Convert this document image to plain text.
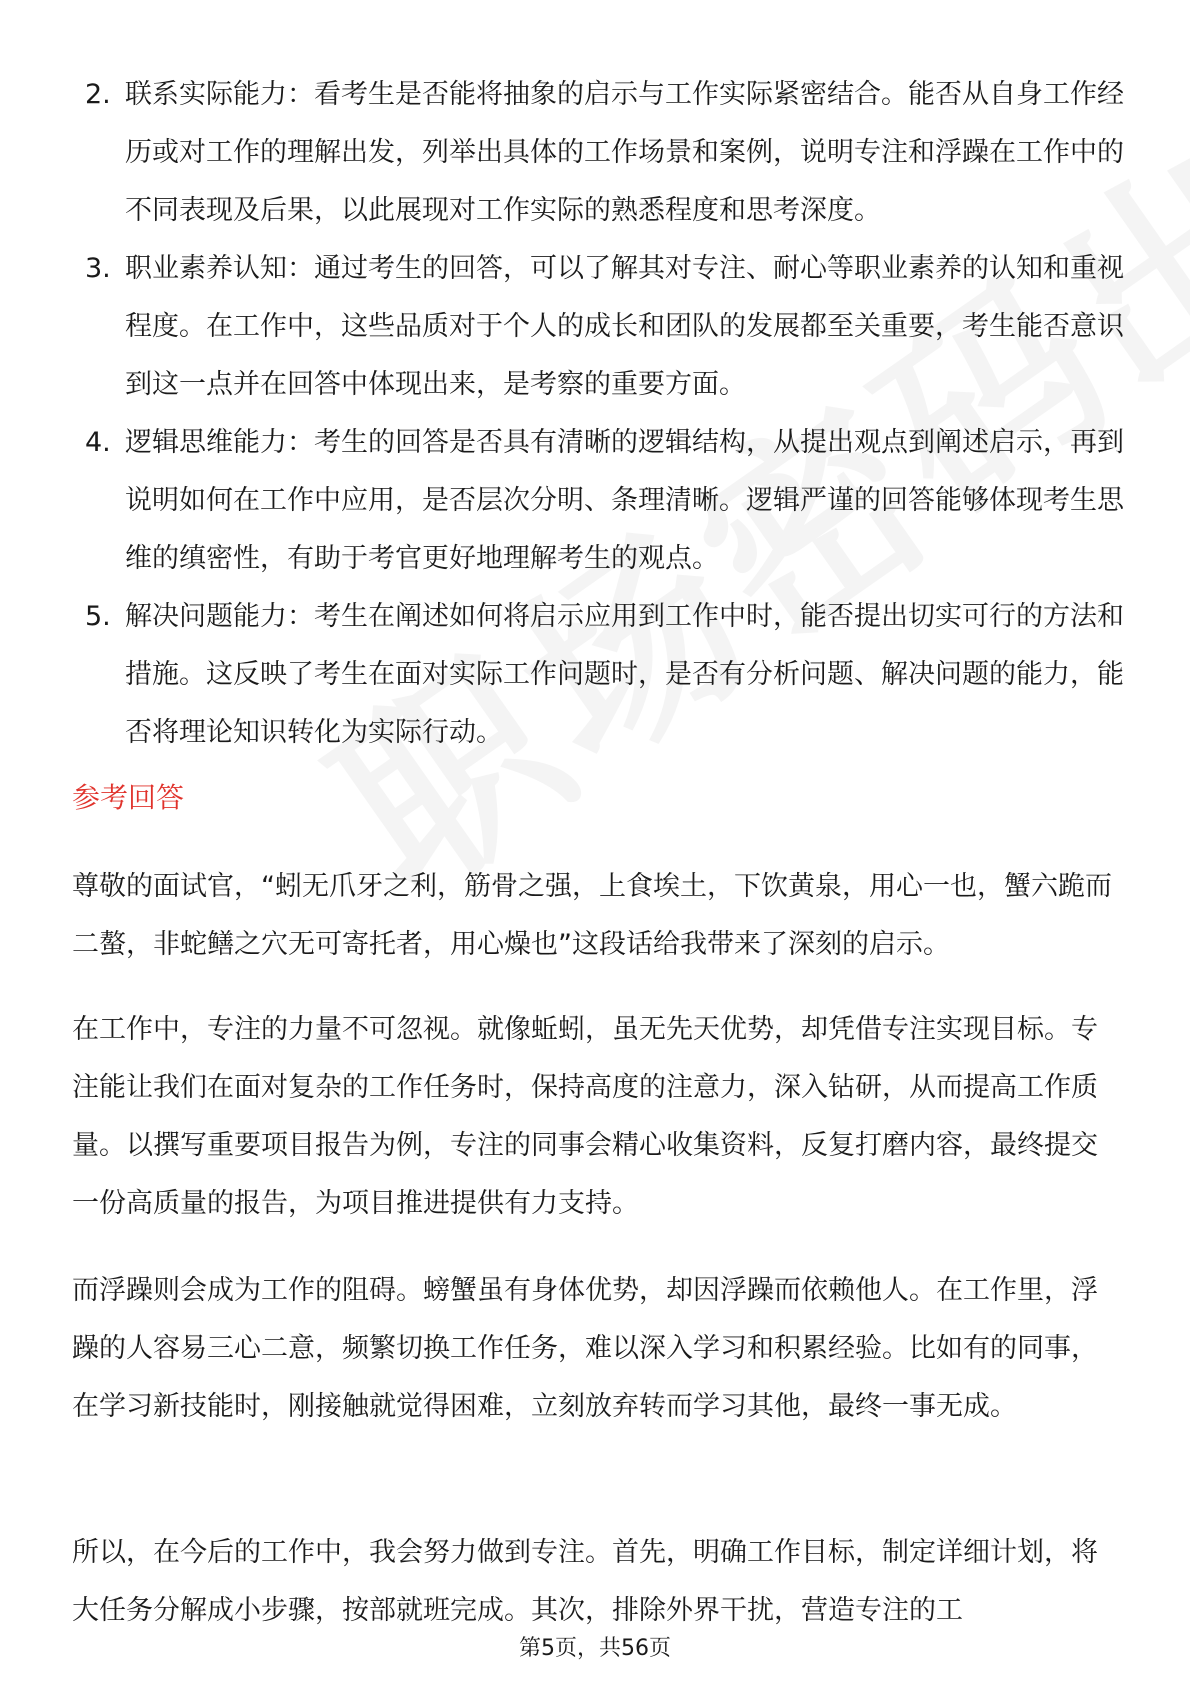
2. 联系实际能力：看考生是否能将抽象的启示与工作实际紧密结合。能否从自身工作经历或对工作的理解出发，列举出具体的工作场景和案例，说明专注和浮躁在工作中的不同表现及后果，以此展现对工作实际的熟悉程度和思考深度。
3. 职业素养认知：通过考生的回答，可以了解其对专注、耐心等职业素养的认知和重视程度。在工作中，这些品质对于个人的成长和团队的发展都至关重要，考生能否意识到这一点并在回答中体现出来，是考察的重要方面。
4. 逻辑思维能力：考生的回答是否具有清晰的逻辑结构，从提出观点到阐述启示，再到说明如何在工作中应用，是否层次分明、条理清晰。逻辑严谨的回答能够体现考生思维的缜密性，有助于考官更好地理解考生的观点。
5. 解决问题能力：考生在阐述如何将启示应用到工作中时，能否提出切实可行的方法和措施。这反映了考生在面对实际工作问题时，是否有分析问题、解决问题的能力，能否将理论知识转化为实际行动。
参考回答

尊敬的面试官，“蚓无爪牙之利，筋骨之强，上食埃土，下饮黄泉，用心一也，蟹六跪而二螯，非蛇鳝之穴无可寄托者，用心燥也”这段话给我带来了深刻的启示。

在工作中，专注的力量不可忽视。就像蚯蚓，虽无先天优势，却凭借专注实现目标。专注能让我们在面对复杂的工作任务时，保持高度的注意力，深入钻研，从而提高工作质量。以撰写重要项目报告为例，专注的同事会精心收集资料，反复打磨内容，最终提交一份高质量的报告，为项目推进提供有力支持。

而浮躁则会成为工作的阻碍。螃蟹虽有身体优势，却因浮躁而依赖他人。在工作里，浮躁的人容易三心二意，频繁切换工作任务，难以深入学习和积累经验。比如有的同事，在学习新技能时，刚接触就觉得困难，立刻放弃转而学习其他，最终一事无成。

所以，在今后的工作中，我会努力做到专注。首先，明确工作目标，制定详细计划，将大任务分解成小步骤，按部就班完成。其次，排除外界干扰，营造专注的工

第5页，共56页
